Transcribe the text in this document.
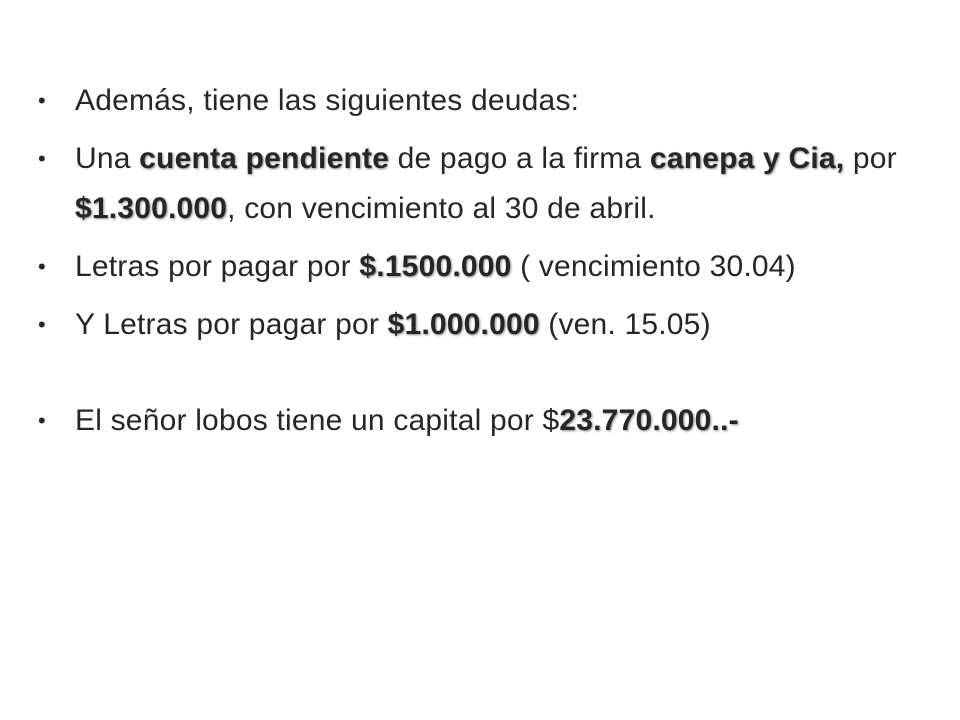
• Además, tiene las siguientes deudas:
• Una cuenta pendiente de pago a la firma canepa y Cia, por $1.300.000, con vencimiento al 30 de abril.
• Letras por pagar por $.1500.000 ( vencimiento 30.04)
• Y Letras por pagar por $1.000.000 (ven. 15.05)
• El señor lobos tiene un capital por $23.770.000..-
